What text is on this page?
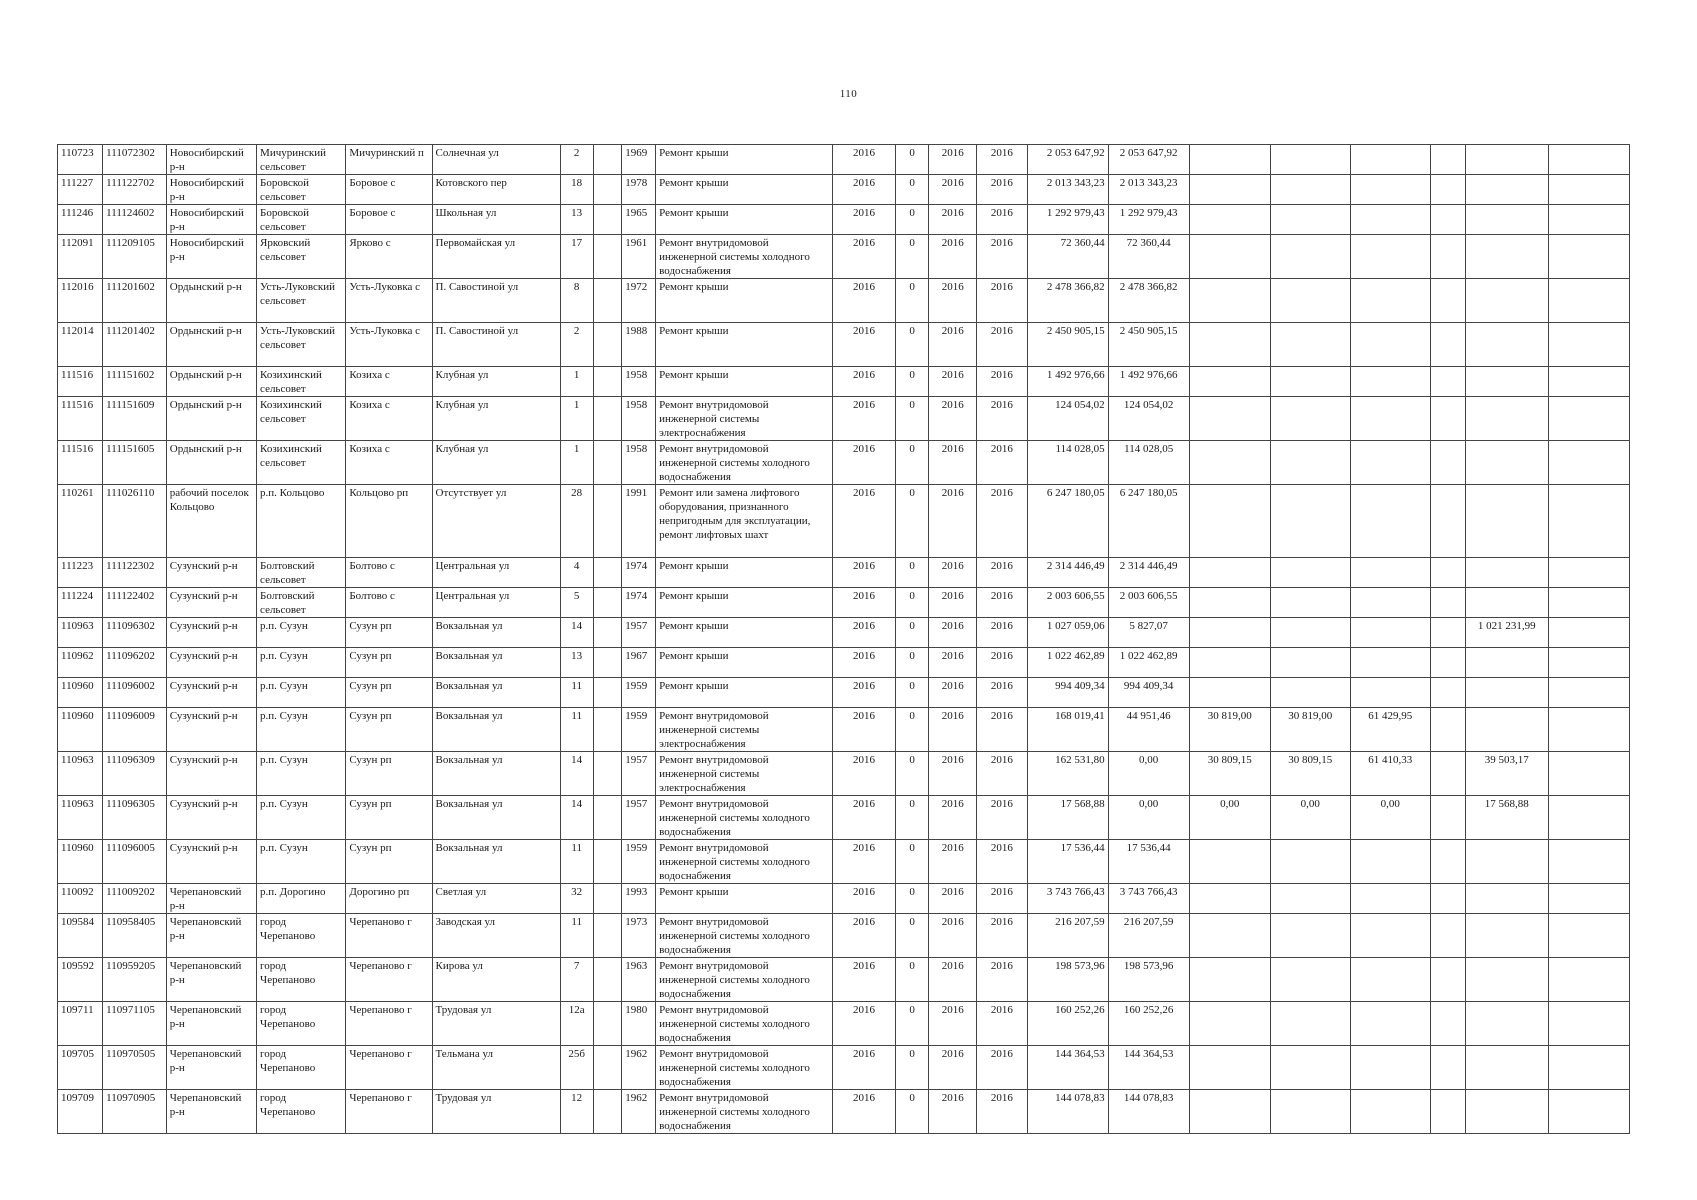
110
110723	111072302	Новосибирский р-н	Мичуринский сельсовет	Мичуринский п	Солнечная ул	2		1969	Ремонт крыши	2016	0	2016	2016	2 053 647,92	2 053 647,92						
111227	111122702	Новосибирский р-н	Боровской сельсовет	Боровое с	Котовского пер	18		1978	Ремонт крыши	2016	0	2016	2016	2 013 343,23	2 013 343,23						
111246	111124602	Новосибирский р-н	Боровской сельсовет	Боровое с	Школьная ул	13		1965	Ремонт крыши	2016	0	2016	2016	1 292 979,43	1 292 979,43						
112091	111209105	Новосибирский р-н	Ярковский сельсовет	Ярково с	Первомайская ул	17		1961	Ремонт внутридомовой инженерной системы холодного водоснабжения	2016	0	2016	2016	72 360,44	72 360,44						
112016	111201602	Ордынский р-н	Усть-Луковский сельсовет	Усть-Луковка с	П. Савостиной ул	8		1972	Ремонт крыши	2016	0	2016	2016	2 478 366,82	2 478 366,82						
112014	111201402	Ордынский р-н	Усть-Луковский сельсовет	Усть-Луковка с	П. Савостиной ул	2		1988	Ремонт крыши	2016	0	2016	2016	2 450 905,15	2 450 905,15						
111516	111151602	Ордынский р-н	Козихинский сельсовет	Козиха с	Клубная ул	1		1958	Ремонт крыши	2016	0	2016	2016	1 492 976,66	1 492 976,66						
111516	111151609	Ордынский р-н	Козихинский сельсовет	Козиха с	Клубная ул	1		1958	Ремонт внутридомовой инженерной системы электроснабжения	2016	0	2016	2016	124 054,02	124 054,02						
111516	111151605	Ордынский р-н	Козихинский сельсовет	Козиха с	Клубная ул	1		1958	Ремонт внутридомовой инженерной системы холодного водоснабжения	2016	0	2016	2016	114 028,05	114 028,05						
110261	111026110	рабочий поселок Кольцово	р.п. Кольцово	Кольцово рп	Отсутствует ул	28		1991	Ремонт или замена лифтового оборудования, признанного непригодным для эксплуатации, ремонт лифтовых шахт	2016	0	2016	2016	6 247 180,05	6 247 180,05						
111223	111122302	Сузунский р-н	Болтовский сельсовет	Болтово с	Центральная ул	4		1974	Ремонт крыши	2016	0	2016	2016	2 314 446,49	2 314 446,49						
111224	111122402	Сузунский р-н	Болтовский сельсовет	Болтово с	Центральная ул	5		1974	Ремонт крыши	2016	0	2016	2016	2 003 606,55	2 003 606,55						
110963	111096302	Сузунский р-н	р.п. Сузун	Сузун рп	Вокзальная ул	14		1957	Ремонт крыши	2016	0	2016	2016	1 027 059,06	5 827,07					1 021 231,99	
110962	111096202	Сузунский р-н	р.п. Сузун	Сузун рп	Вокзальная ул	13		1967	Ремонт крыши	2016	0	2016	2016	1 022 462,89	1 022 462,89						
110960	111096002	Сузунский р-н	р.п. Сузун	Сузун рп	Вокзальная ул	11		1959	Ремонт крыши	2016	0	2016	2016	994 409,34	994 409,34						
110960	111096009	Сузунский р-н	р.п. Сузун	Сузун рп	Вокзальная ул	11		1959	Ремонт внутридомовой инженерной системы электроснабжения	2016	0	2016	2016	168 019,41	44 951,46	30 819,00	30 819,00	61 429,95			
110963	111096309	Сузунский р-н	р.п. Сузун	Сузун рп	Вокзальная ул	14		1957	Ремонт внутридомовой инженерной системы электроснабжения	2016	0	2016	2016	162 531,80	0,00	30 809,15	30 809,15	61 410,33		39 503,17	
110963	111096305	Сузунский р-н	р.п. Сузун	Сузун рп	Вокзальная ул	14		1957	Ремонт внутридомовой инженерной системы холодного водоснабжения	2016	0	2016	2016	17 568,88	0,00	0,00	0,00	0,00		17 568,88	
110960	111096005	Сузунский р-н	р.п. Сузун	Сузун рп	Вокзальная ул	11		1959	Ремонт внутридомовой инженерной системы холодного водоснабжения	2016	0	2016	2016	17 536,44	17 536,44						
110092	111009202	Черепановский р-н	р.п. Дорогино	Дорогино рп	Светлая ул	32		1993	Ремонт крыши	2016	0	2016	2016	3 743 766,43	3 743 766,43						
109584	110958405	Черепановский р-н	город Черепаново	Черепаново г	Заводская ул	11		1973	Ремонт внутридомовой инженерной системы холодного водоснабжения	2016	0	2016	2016	216 207,59	216 207,59						
109592	110959205	Черепановский р-н	город Черепаново	Черепаново г	Кирова ул	7		1963	Ремонт внутридомовой инженерной системы холодного водоснабжения	2016	0	2016	2016	198 573,96	198 573,96						
109711	110971105	Черепановский р-н	город Черепаново	Черепаново г	Трудовая ул	12а		1980	Ремонт внутридомовой инженерной системы холодного водоснабжения	2016	0	2016	2016	160 252,26	160 252,26						
109705	110970505	Черепановский р-н	город Черепаново	Черепаново г	Тельмана ул	25б		1962	Ремонт внутридомовой инженерной системы холодного водоснабжения	2016	0	2016	2016	144 364,53	144 364,53						
109709	110970905	Черепановский р-н	город Черепаново	Черепаново г	Трудовая ул	12		1962	Ремонт внутридомовой инженерной системы холодного водоснабжения	2016	0	2016	2016	144 078,83	144 078,83						
